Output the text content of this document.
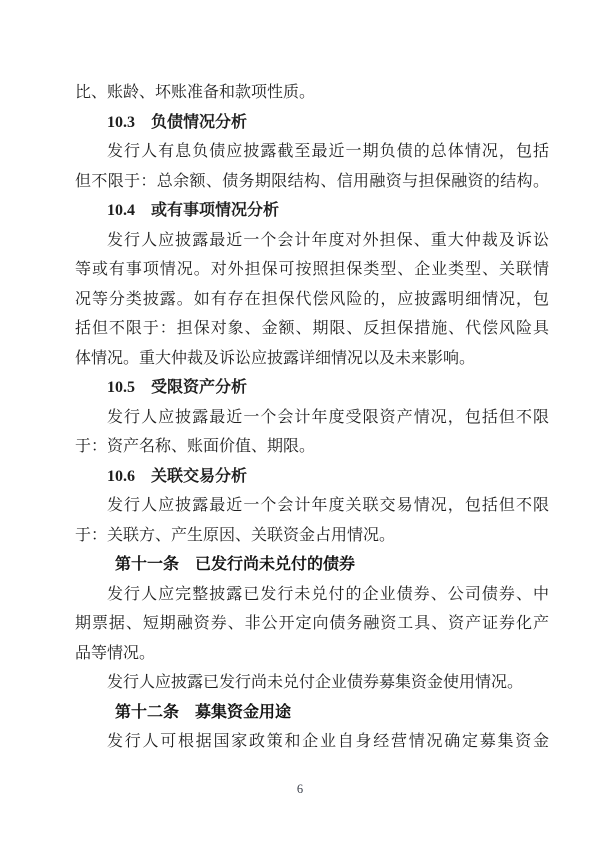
比、账龄、坏账准备和款项性质。
10.3　负债情况分析
发行人有息负债应披露截至最近一期负债的总体情况，包括
但不限于：总余额、债务期限结构、信用融资与担保融资的结构。
10.4　或有事项情况分析
发行人应披露最近一个会计年度对外担保、重大仲裁及诉讼
等或有事项情况。对外担保可按照担保类型、企业类型、关联情
况等分类披露。如有存在担保代偿风险的，应披露明细情况，包
括但不限于：担保对象、金额、期限、反担保措施、代偿风险具
体情况。重大仲裁及诉讼应披露详细情况以及未来影响。
10.5　受限资产分析
发行人应披露最近一个会计年度受限资产情况，包括但不限
于：资产名称、账面价值、期限。
10.6　关联交易分析
发行人应披露最近一个会计年度关联交易情况，包括但不限
于：关联方、产生原因、关联资金占用情况。
第十一条　已发行尚未兑付的债券
发行人应完整披露已发行未兑付的企业债券、公司债券、中
期票据、短期融资券、非公开定向债务融资工具、资产证券化产
品等情况。
发行人应披露已发行尚未兑付企业债券募集资金使用情况。
第十二条　募集资金用途
发行人可根据国家政策和企业自身经营情况确定募集资金
6
